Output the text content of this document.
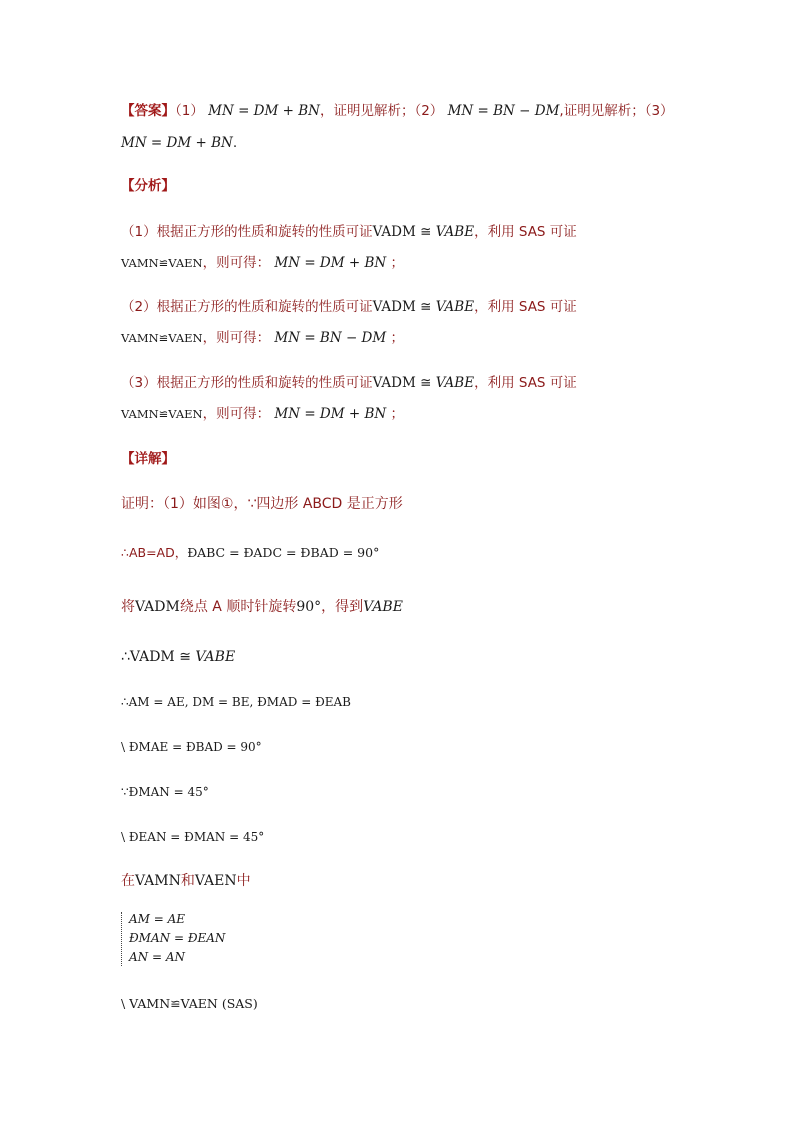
【答案】（1） MN = DM + BN，证明见解析；（2） MN = BN − DM,证明见解析；（3）
MN = DM + BN.
【分析】
（1）根据正方形的性质和旋转的性质可证VADM ≅ VABE，利用 SAS 可证
VAMN≌VAEN，则可得： MN = DM + BN ；
（2）根据正方形的性质和旋转的性质可证VADM ≅ VABE，利用 SAS 可证
VAMN≌VAEN，则可得： MN = BN − DM ；
（3）根据正方形的性质和旋转的性质可证VADM ≅ VABE，利用 SAS 可证
VAMN≌VAEN，则可得： MN = DM + BN ；
【详解】
证明：（1）如图①，∵四边形 ABCD 是正方形
∴AB=AD，ÐABC = ÐADC = ÐBAD = 90°
将VADM绕点 A 顺时针旋转90°，得到VABE
∴VADM ≅ VABE
∴AM = AE, DM = BE, ÐMAD = ÐEAB
\ ÐMAE = ÐBAD = 90°
∵ÐMAN = 45°
\ ÐEAN = ÐMAN = 45°
在VAMN和VAEN中
AM = AE
ÐMAN = ÐEAN
AN = AN
\ VAMN≌VAEN (SAS)
